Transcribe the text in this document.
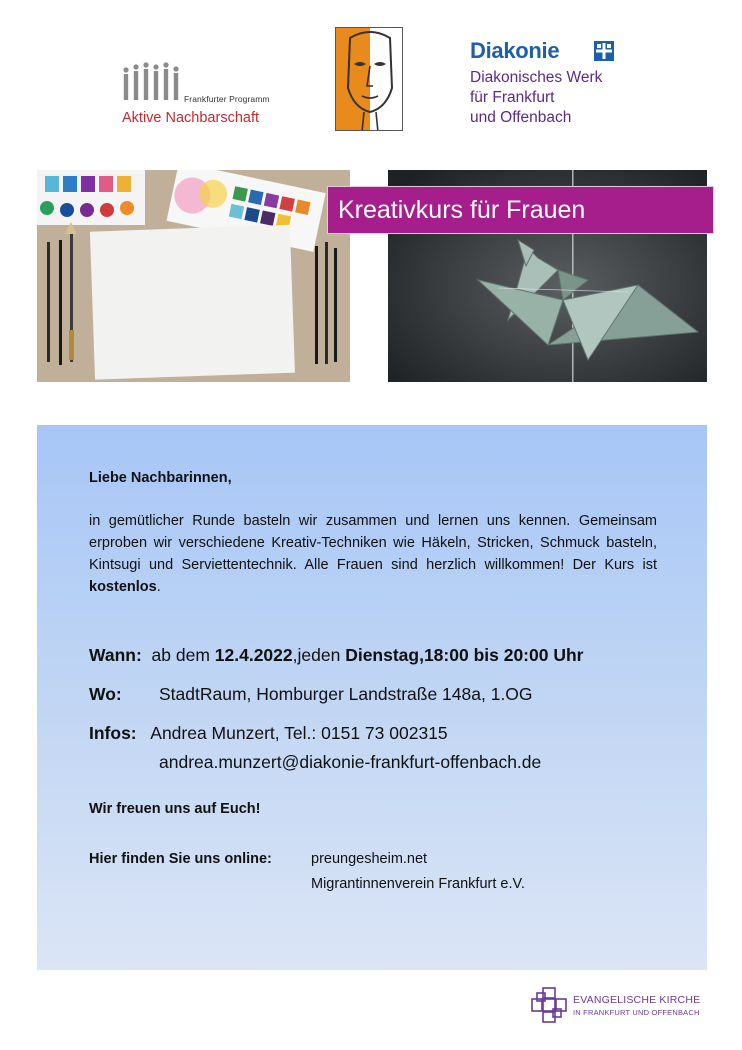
Frankfurter Programm
Aktive Nachbarschaft
Diakonie
Diakonisches Werk
für Frankfurt
und Offenbach
Kreativkurs für Frauen
Liebe Nachbarinnen,
in gemütlicher Runde basteln wir zusammen und lernen uns kennen. Gemeinsam erproben wir verschiedene Kreativ-Techniken wie Häkeln, Stricken, Schmuck basteln, Kintsugi und Serviettentechnik. Alle Frauen sind herzlich willkommen! Der Kurs ist kostenlos.
Wann: ab dem 12.4.2022,jeden Dienstag,18:00 bis 20:00 Uhr
Wo: StadtRaum, Homburger Landstraße 148a, 1.OG
Infos: Andrea Munzert, Tel.: 0151 73 002315
andrea.munzert@diakonie-frankfurt-offenbach.de
Wir freuen uns auf Euch!
Hier finden Sie uns online:	preungesheim.net
Migrantinnenverein Frankfurt e.V.
EVANGELISCHE KIRCHE
IN FRANKFURT UND OFFENBACH
